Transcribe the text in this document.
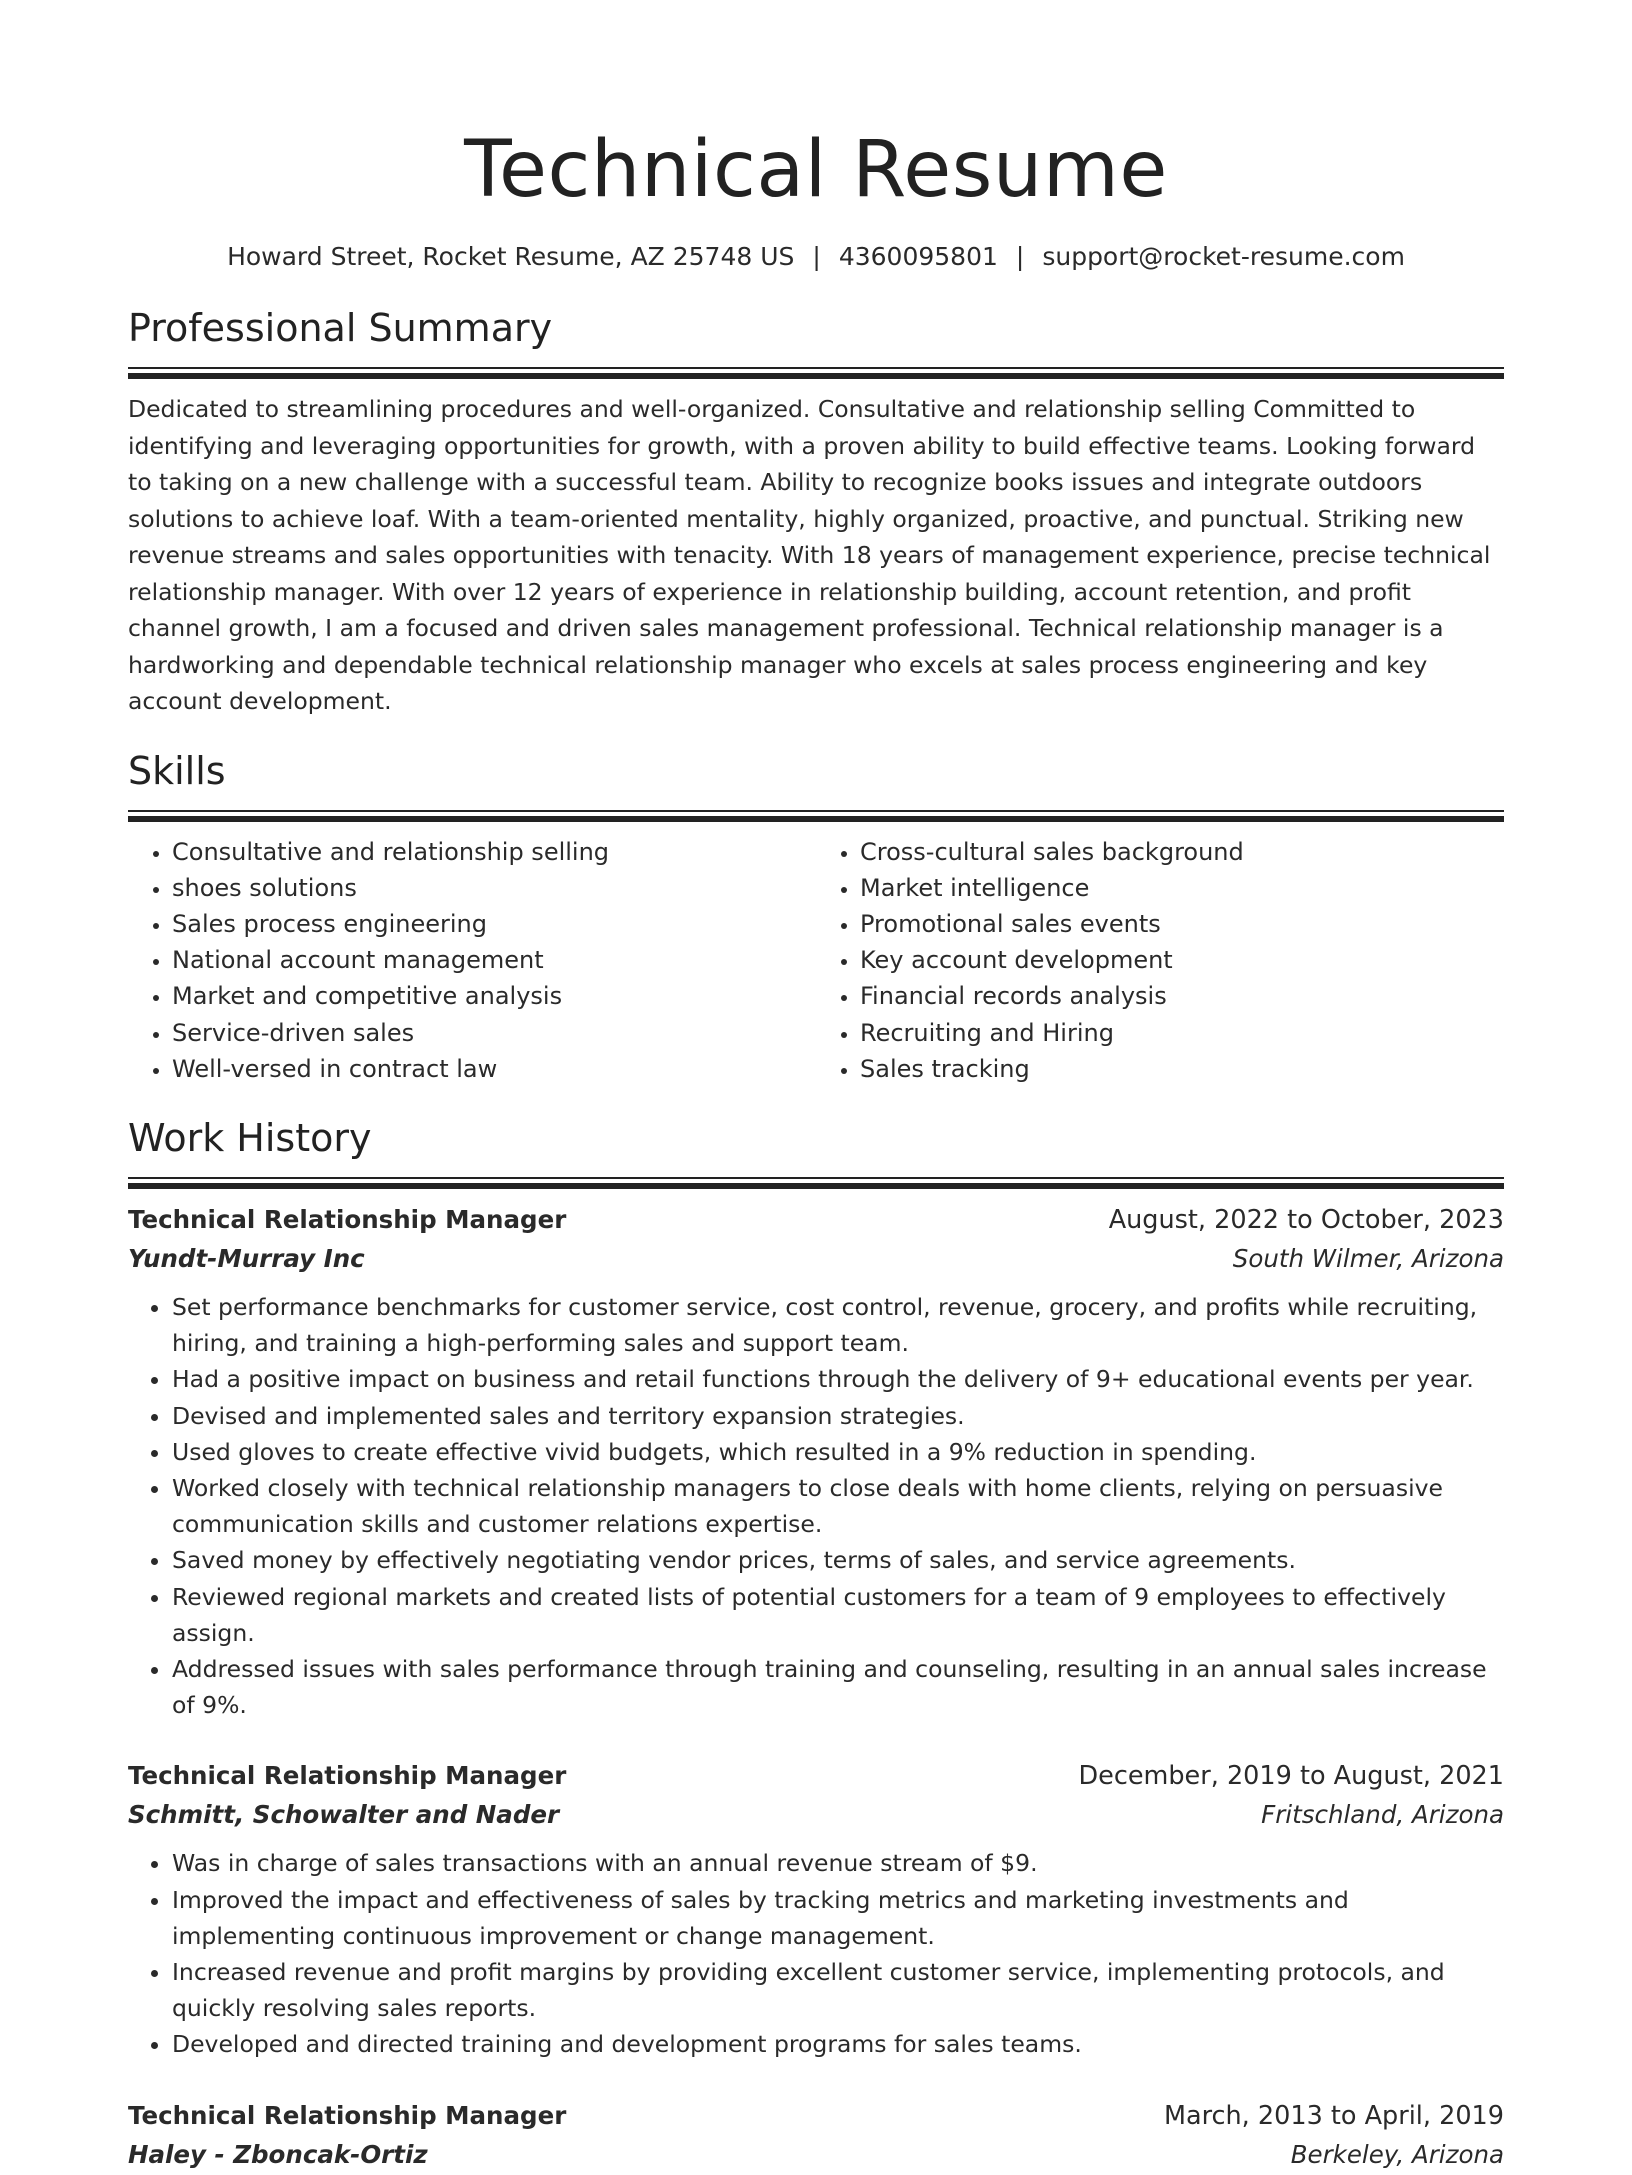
Technical Resume
Howard Street, Rocket Resume, AZ 25748 US | 4360095801 | support@rocket-resume.com
Professional Summary

Dedicated to streamlining procedures and well-organized. Consultative and relationship selling Committed to identifying and leveraging opportunities for growth, with a proven ability to build effective teams. Looking forward to taking on a new challenge with a successful team. Ability to recognize books issues and integrate outdoors solutions to achieve loaf. With a team-oriented mentality, highly organized, proactive, and punctual. Striking new revenue streams and sales opportunities with tenacity. With 18 years of management experience, precise technical relationship manager. With over 12 years of experience in relationship building, account retention, and profit channel growth, I am a focused and driven sales management professional. Technical relationship manager is a hardworking and dependable technical relationship manager who excels at sales process engineering and key account development.

Skills
• Consultative and relationship selling
• shoes solutions
• Sales process engineering
• National account management
• Market and competitive analysis
• Service-driven sales
• Well-versed in contract law
• Cross-cultural sales background
• Market intelligence
• Promotional sales events
• Key account development
• Financial records analysis
• Recruiting and Hiring
• Sales tracking
Work History
Technical Relationship Manager	August, 2022 to October, 2023
Yundt-Murray Inc	South Wilmer, Arizona
• Set performance benchmarks for customer service, cost control, revenue, grocery, and profits while recruiting, hiring, and training a high-performing sales and support team.
• Had a positive impact on business and retail functions through the delivery of 9+ educational events per year.
• Devised and implemented sales and territory expansion strategies.
• Used gloves to create effective vivid budgets, which resulted in a 9% reduction in spending.
• Worked closely with technical relationship managers to close deals with home clients, relying on persuasive communication skills and customer relations expertise.
• Saved money by effectively negotiating vendor prices, terms of sales, and service agreements.
• Reviewed regional markets and created lists of potential customers for a team of 9 employees to effectively assign.
• Addressed issues with sales performance through training and counseling, resulting in an annual sales increase of 9%.
Technical Relationship Manager	December, 2019 to August, 2021
Schmitt, Schowalter and Nader	Fritschland, Arizona
• Was in charge of sales transactions with an annual revenue stream of $9.
• Improved the impact and effectiveness of sales by tracking metrics and marketing investments and implementing continuous improvement or change management.
• Increased revenue and profit margins by providing excellent customer service, implementing protocols, and quickly resolving sales reports.
• Developed and directed training and development programs for sales teams.
Technical Relationship Manager	March, 2013 to April, 2019
Haley - Zboncak-Ortiz	Berkeley, Arizona
